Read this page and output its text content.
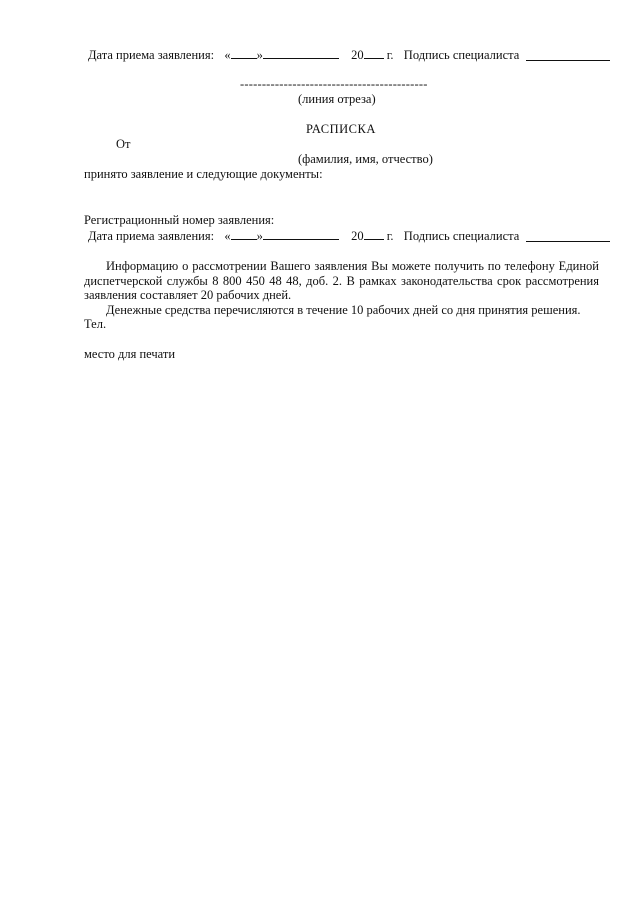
Дата приема заявления: « »	20 г. Подпись специалиста
-------------------------------------------
(линия отреза)
РАСПИСКА
От
(фамилия, имя, отчество)
принято заявление и следующие документы:
Регистрационный номер заявления:
Дата приема заявления: « »	20 г. Подпись специалиста

Информацию о рассмотрении Вашего заявления Вы можете получить по телефону Единой диспетчерской службы 8 800 450 48 48, доб. 2. В рамках законодательства срок рассмотрения заявления составляет 20 рабочих дней.

Денежные средства перечисляются в течение 10 рабочих дней со дня принятия решения.

Тел.
место для печати
